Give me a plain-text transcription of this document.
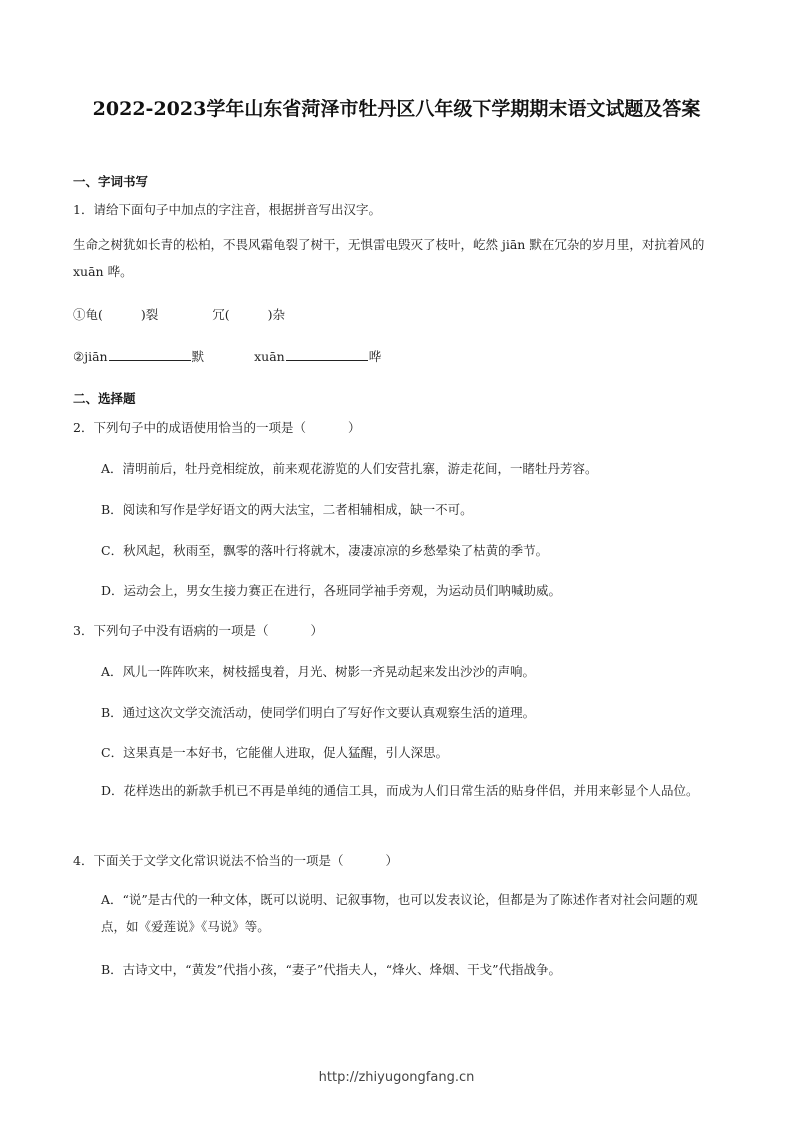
2022-2023学年山东省菏泽市牡丹区八年级下学期期末语文试题及答案
一、字词书写
1．请给下面句子中加点的字注音，根据拼音写出汉字。
生命之树犹如长青的松柏，不畏风霜龟裂了树干，无惧雷电毁灭了枝叶，屹然 jiān 默在冗杂的岁月里，对抗着风的 xuān 哗。
①龟(	)裂	冗(	)杂
②jiān	默	xuān	哗
二、选择题
2．下列句子中的成语使用恰当的一项是（	）
A．清明前后，牡丹竞相绽放，前来观花游览的人们安营扎寨，游走花间，一睹牡丹芳容。
B．阅读和写作是学好语文的两大法宝，二者相辅相成，缺一不可。
C．秋风起，秋雨至，飘零的落叶行将就木，凄凄凉凉的乡愁晕染了枯黄的季节。
D．运动会上，男女生接力赛正在进行，各班同学袖手旁观，为运动员们呐喊助威。
3．下列句子中没有语病的一项是（	）
A．风儿一阵阵吹来，树枝摇曳着，月光、树影一齐晃动起来发出沙沙的声响。
B．通过这次文学交流活动，使同学们明白了写好作文要认真观察生活的道理。
C．这果真是一本好书，它能催人进取，促人猛醒，引人深思。
D．花样迭出的新款手机已不再是单纯的通信工具，而成为人们日常生活的贴身伴侣，并用来彰显个人品位。
4．下面关于文学文化常识说法不恰当的一项是（	）
A．“说”是古代的一种文体，既可以说明、记叙事物，也可以发表议论，但都是为了陈述作者对社会问题的观点，如《爱莲说》《马说》等。
B．古诗文中，“黄发”代指小孩，“妻子”代指夫人，“烽火、烽烟、干戈”代指战争。
http://zhiyugongfang.cn
